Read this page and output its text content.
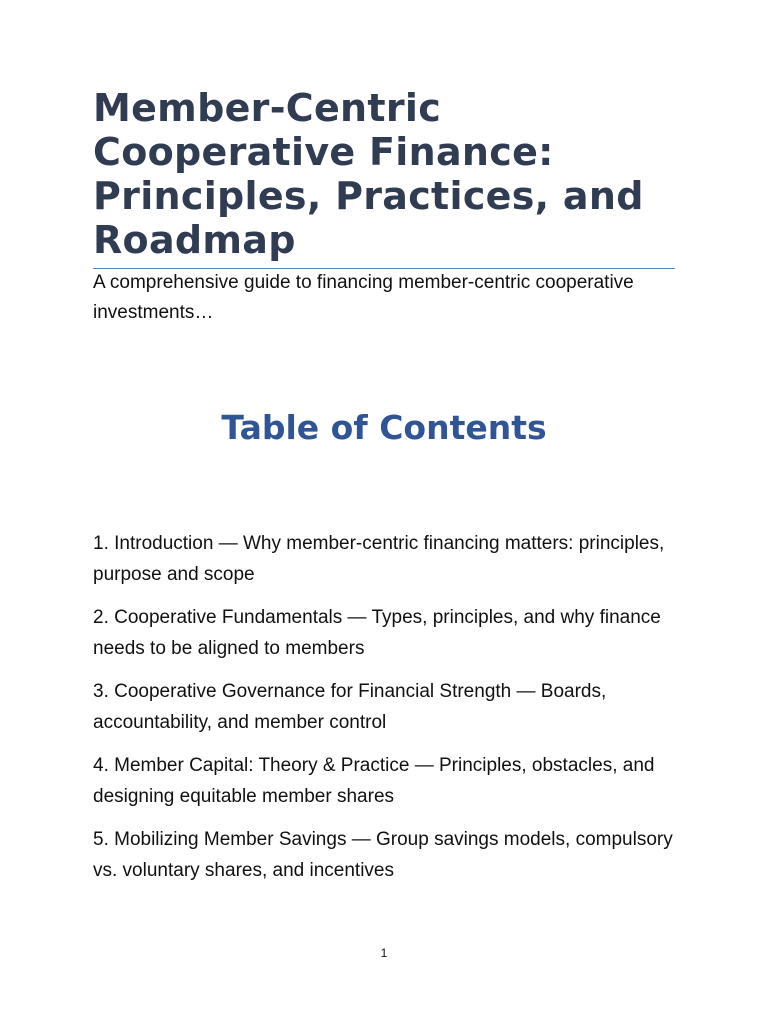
Member-Centric Cooperative Finance: Principles, Practices, and Roadmap

A comprehensive guide to financing member-centric cooperative investments…

Table of Contents
1. Introduction — Why member-centric financing matters: principles, purpose and scope
2. Cooperative Fundamentals — Types, principles, and why finance needs to be aligned to members
3. Cooperative Governance for Financial Strength — Boards, accountability, and member control
4. Member Capital: Theory & Practice — Principles, obstacles, and designing equitable member shares
5. Mobilizing Member Savings — Group savings models, compulsory vs. voluntary shares, and incentives
1
